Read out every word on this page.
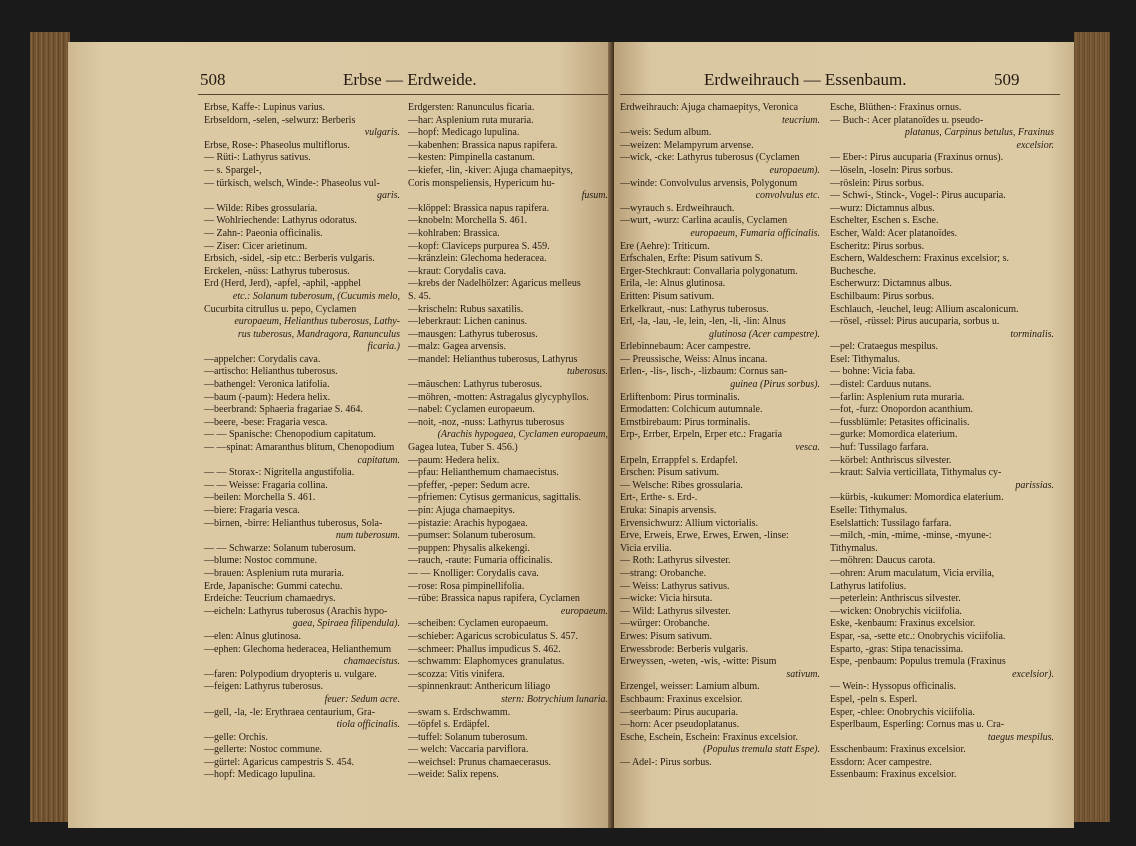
508	Erbse — Erdweide.
Erbse, Kaffe-: Lupinus varius.
Erbseldorn, -selen, -selwurz: Berberis
vulgaris.
Erbse, Rose-: Phaseolus multiflorus.
— Rüti-: Lathyrus sativus.
— s. Spargel-,
— türkisch, welsch, Winde-: Phaseolus vul-
garis.
— Wilde: Ribes grossularia.
— Wohlriechende: Lathyrus odoratus.
— Zahn-: Paeonia officinalis.
— Ziser: Cicer arietinum.
Erbsich, -sidel, -sip etc.: Berberis vulgaris.
Erckelen, -nüss: Lathyrus tuberosus.
Erd (Herd, Jerd), -apfel, -aphil, -apphel
etc.: Solanum tuberosum, (Cucumis melo,
Cucurbita citrullus u. pepo, Cyclamen
europaeum, Helianthus tuberosus, Lathy-
rus tuberosus, Mandragora, Ranunculus
ficaria.)
—appelcher: Corydalis cava.
—artischo: Helianthus tuberosus.
—bathengel: Veronica latifolia.
—baum (-paum): Hedera helix.
—beerbrand: Sphaeria fragariae S. 464.
—beere, -bese: Fragaria vesca.
— — Spanische: Chenopodium capitatum.
— —spinat: Amaranthus blitum, Chenopodium
capitatum.
— — Storax-: Nigritella angustifolia.
— — Weisse: Fragaria collina.
—beilen: Morchella S. 461.
—biere: Fragaria vesca.
—birnen, -birre: Helianthus tuberosus, Sola-
num tuberosum.
— — Schwarze: Solanum tuberosum.
—blume: Nostoc commune.
—brauen: Asplenium ruta muraria.
Erde, Japanische: Gummi catechu.
Erdeiche: Teucrium chamaedrys.
—eicheln: Lathyrus tuberosus (Arachis hypo-
gaea, Spiraea filipendula).
—elen: Alnus glutinosa.
—ephen: Glechoma hederacea, Helianthemum
chamaecistus.
—faren: Polypodium dryopteris u. vulgare.
—feigen: Lathyrus tuberosus.
feuer: Sedum acre.
—gell, -la, -le: Erythraea centaurium, Gra-
tiola officinalis.
—gelle: Orchis.
—gellerte: Nostoc commune.
—gürtel: Agaricus campestris S. 454.
—hopf: Medicago lupulina.
Erdgersten: Ranunculus ficaria.
—har: Asplenium ruta muraria.
—hopf: Medicago lupulina.
—kabenhen: Brassica napus rapifera.
—kesten: Pimpinella castanum.
—kiefer, -lin, -kiver: Ajuga chamaepitys,
Coris monspeliensis, Hypericum hu-
fusum.
—klöppel: Brassica napus rapifera.
—knobeln: Morchella S. 461.
—kohlraben: Brassica.
—kopf: Claviceps purpurea S. 459.
—kränzlein: Glechoma hederacea.
—kraut: Corydalis cava.
—krebs der Nadelhölzer: Agaricus melleus
S. 45.
—krischeln: Rubus saxatilis.
—leberkraut: Lichen caninus.
—mausgen: Lathyrus tuberosus.
—malz: Gagea arvensis.
—mandel: Helianthus tuberosus, Lathyrus
tuberosus.
—mäuschen: Lathyrus tuberosus.
—möhren, -motten: Astragalus glycyphyllos.
—nabel: Cyclamen europaeum.
—noit, -noz, -nuss: Lathyrus tuberosus
(Arachis hypogaea, Cyclamen europaeum,
Gagea lutea, Tuber S. 456.)
—paum: Hedera helix.
—pfau: Helianthemum chamaecistus.
—pfeffer, -peper: Sedum acre.
—pfriemen: Cytisus germanicus, sagittalis.
—pin: Ajuga chamaepitys.
—pistazie: Arachis hypogaea.
—pumser: Solanum tuberosum.
—puppen: Physalis alkekengi.
—rauch, -raute: Fumaria officinalis.
— — Knolliger: Corydalis cava.
—rose: Rosa pimpinellifolia.
—rübe: Brassica napus rapifera, Cyclamen
europaeum.
—scheiben: Cyclamen europaeum.
—schieber: Agaricus scrobiculatus S. 457.
—schmeer: Phallus impudicus S. 462.
—schwamm: Elaphomyces granulatus.
—scozza: Vitis vinifera.
—spinnenkraut: Anthericum liliago
stern: Botrychium lunaria.
—swam s. Erdschwamm.
—töpfel s. Erdäpfel.
—tuffel: Solanum tuberosum.
— welch: Vaccaria parviflora.
—weichsel: Prunus chamaecerasus.
—weide: Salix repens.
Erdweihrauch — Essenbaum.	509
Erdweihrauch: Ajuga chamaepitys, Veronica
teucrium.
—weis: Sedum album.
—weizen: Melampyrum arvense.
—wick, -cke: Lathyrus tuberosus (Cyclamen
europaeum).
—winde: Convolvulus arvensis, Polygonum
convolvulus etc.
—wyrauch s. Erdweihrauch.
—wurt, -wurz: Carlina acaulis, Cyclamen
europaeum, Fumaria officinalis.
Ere (Aehre): Triticum.
Erfschalen, Erfte: Pisum sativum S.
Erger-Stechkraut: Convallaria polygonatum.
Erila, -le: Alnus glutinosa.
Eritten: Pisum sativum.
Erkelkraut, -nus: Lathyrus tuberosus.
Erl, -la, -lau, -le, lein, -len, -li, -lin: Alnus
glutinosa (Acer campestre).
Erlebinnebaum: Acer campestre.
— Preussische, Weiss: Alnus incana.
Erlen-, -lis-, lisch-, -lizbaum: Cornus san-
guinea (Pirus sorbus).
Erliftenbom: Pirus torminalis.
Ermodatten: Colchicum autumnale.
Ernstbirebaum: Pirus torminalis.
Erp-, Errber, Erpeln, Erper etc.: Fragaria
vesca.
Erpeln, Errappfel s. Erdapfel.
Erschen: Pisum sativum.
— Welsche: Ribes grossularia.
Ert-, Erthe- s. Erd-.
Eruka: Sinapis arvensis.
Ervensichwurz: Allium victorialis.
Erve, Erweis, Erwe, Erwes, Erwen, -linse:
Vicia ervilia.
— Roth: Lathyrus silvester.
—strang: Orobanche.
— Weiss: Lathyrus sativus.
—wicke: Vicia hirsuta.
— Wild: Lathyrus silvester.
—würger: Orobanche.
Erwes: Pisum sativum.
Erwessbrode: Berberis vulgaris.
Erweyssen, -weten, -wis, -witte: Pisum
sativum.
Erzengel, weisser: Lamium album.
Eschbaum: Fraxinus excelsior.
—seerbaum: Pirus aucuparia.
—horn: Acer pseudoplatanus.
Esche, Eschein, Eschein: Fraxinus excelsior.
(Populus tremula statt Espe).
— Adel-: Pirus sorbus.
Esche, Blüthen-: Fraxinus ornus.
— Buch-: Acer platanoïdes u. pseudo-
platanus, Carpinus betulus, Fraxinus
excelsior.
— Eber-: Pirus aucuparia (Fraxinus ornus).
—löseln, -loseln: Pirus sorbus.
—röslein: Pirus sorbus.
— Schwi-, Stinck-, Vogel-: Pirus aucuparia.
—wurz: Dictamnus albus.
Eschelter, Eschen s. Esche.
Escher, Wald: Acer platanoïdes.
Escheritz: Pirus sorbus.
Eschern, Waldeschern: Fraxinus excelsior; s.
Buchesche.
Escherwurz: Dictamnus albus.
Eschilbaum: Pirus sorbus.
Eschlauch, -leuchel, leug: Allium ascalonicum.
—rösel, -rüssel: Pirus aucuparia, sorbus u.
torminalis.
—pel: Crataegus mespilus.
Esel: Tithymalus.
— bohne: Vicia faba.
—distel: Carduus nutans.
—farlin: Asplenium ruta muraria.
—fot, -furz: Onopordon acanthium.
—fussblümle: Petasites officinalis.
—gurke: Momordica elaterium.
—huf: Tussilago farfara.
—körbel: Anthriscus silvester.
—kraut: Salvia verticillata, Tithymalus cy-
parissias.
—kürbis, -kukumer: Momordica elaterium.
Eselle: Tithymalus.
Eselslattich: Tussilago farfara.
—milch, -min, -mime, -minse, -myune-:
Tithymalus.
—möhren: Daucus carota.
—ohren: Arum maculatum, Vicia ervilia,
Lathyrus latifolius.
—peterlein: Anthriscus silvester.
—wicken: Onobrychis viciifolia.
Eske, -kenbaum: Fraxinus excelsior.
Espar, -sa, -sette etc.: Onobrychis viciifolia.
Esparto, -gras: Stipa tenacissima.
Espe, -penbaum: Populus tremula (Fraxinus
excelsior).
— Wein-: Hyssopus officinalis.
Espel, -peln s. Esperl.
Esper, -chlee: Onobrychis viciifolia.
Esperlbaum, Esperling: Cornus mas u. Cra-
taegus mespilus.
Esschenbaum: Fraxinus excelsior.
Essdorn: Acer campestre.
Essenbaum: Fraxinus excelsior.
